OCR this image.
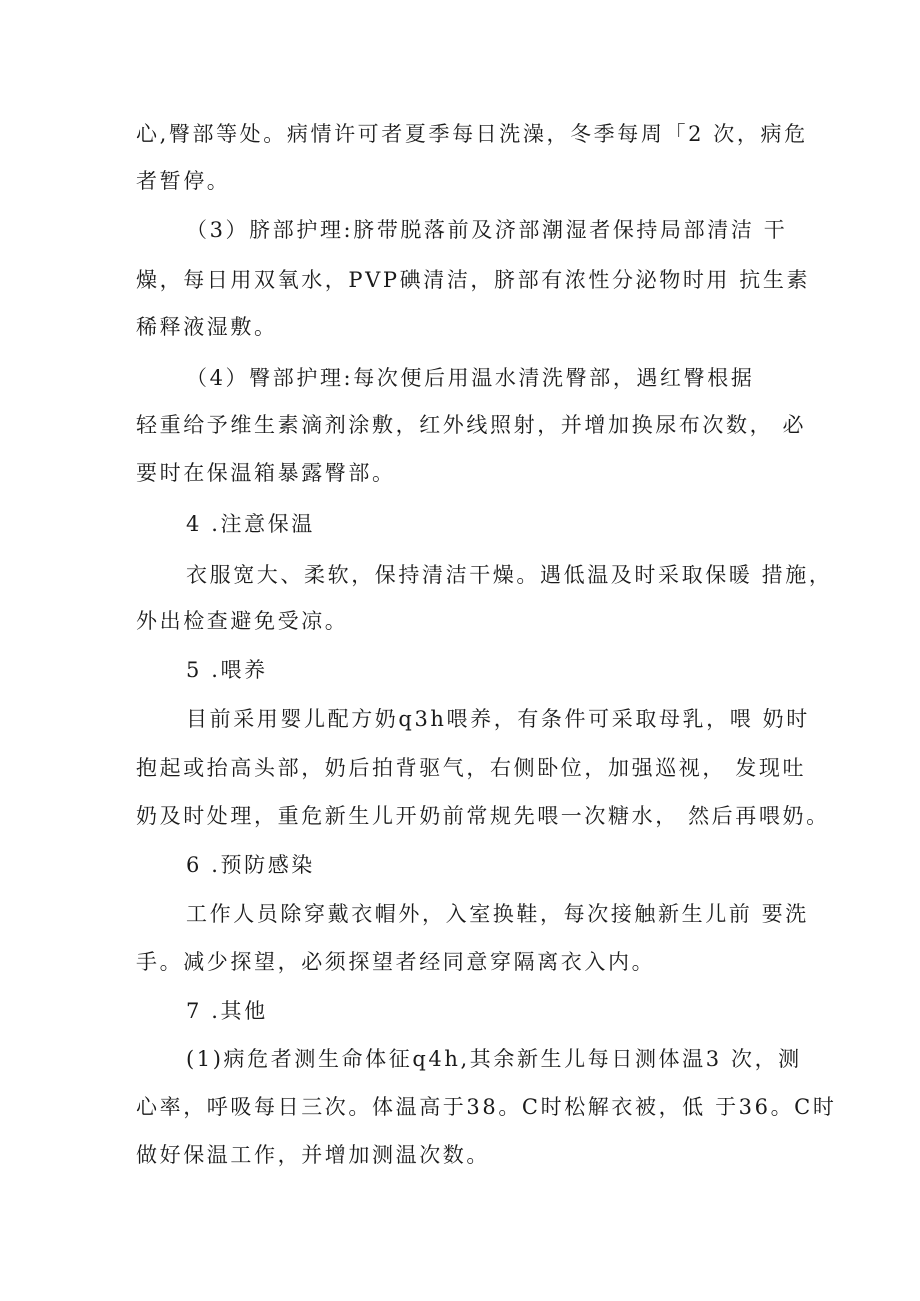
心,臀部等处。病情许可者夏季每日洗澡，冬季每周「2 次，病危

者暂停。

（3）脐部护理:脐带脱落前及济部潮湿者保持局部清洁 干

燥，每日用双氧水，PVP碘清洁，脐部有浓性分泌物时用 抗生素

稀释液湿敷。

（4）臀部护理:每次便后用温水清洗臀部，遇红臀根据

轻重给予维生素滴剂涂敷，红外线照射，并增加换尿布次数， 必

要时在保温箱暴露臀部。

4 .注意保温

衣服宽大、柔软，保持清洁干燥。遇低温及时采取保暖 措施，

外出检查避免受凉。

5 .喂养

目前采用婴儿配方奶q3h喂养，有条件可采取母乳，喂 奶时

抱起或抬高头部，奶后拍背驱气，右侧卧位，加强巡视， 发现吐

奶及时处理，重危新生儿开奶前常规先喂一次糖水， 然后再喂奶。

6 .预防感染

工作人员除穿戴衣帽外，入室换鞋，每次接触新生儿前 要洗

手。减少探望，必须探望者经同意穿隔离衣入内。

7 .其他

(1)病危者测生命体征q4h,其余新生儿每日测体温3 次，测

心率，呼吸每日三次。体温高于38。C时松解衣被，低 于36。C时

做好保温工作，并增加测温次数。
